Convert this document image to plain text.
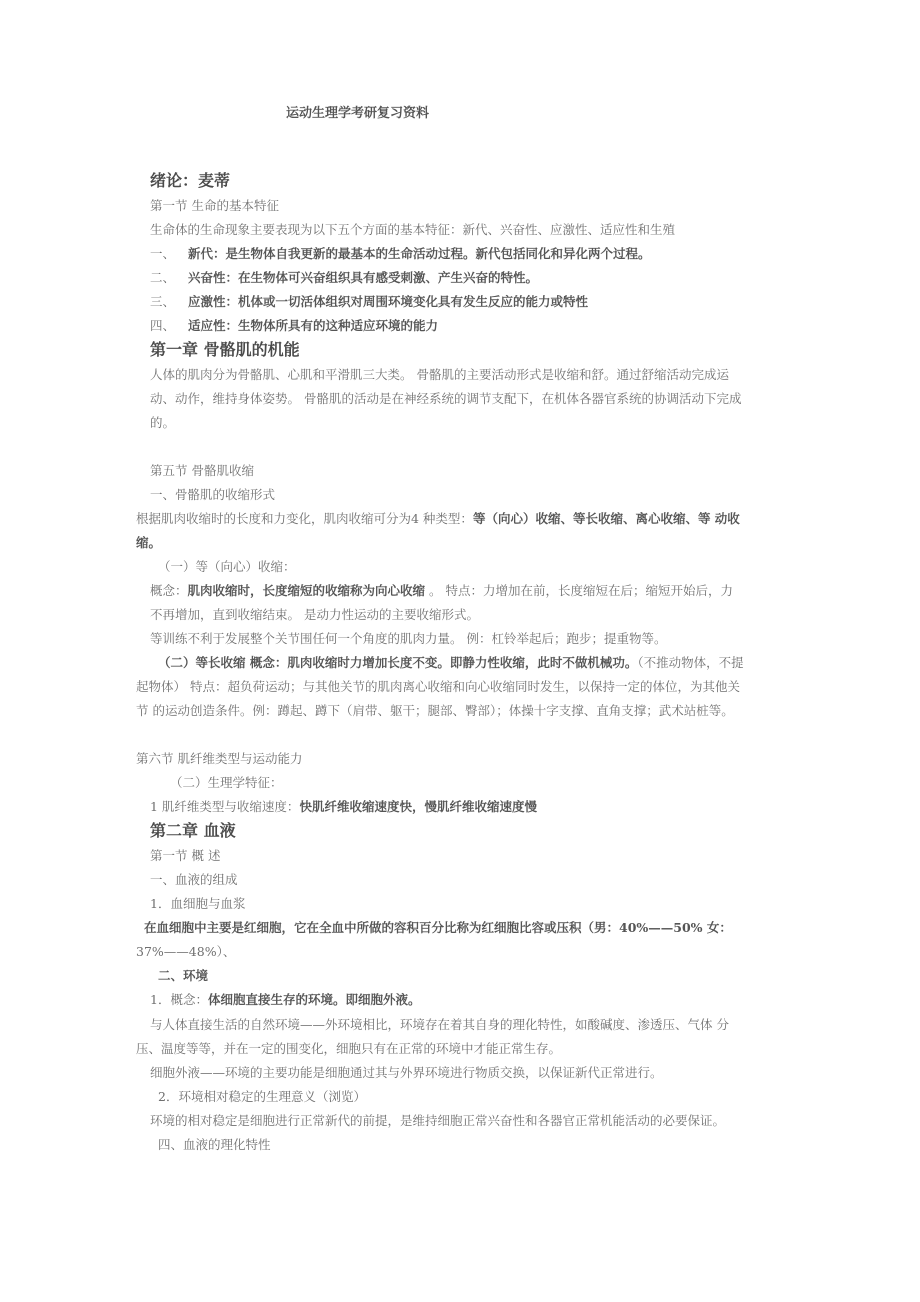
运动生理学考研复习资料
绪论：麦蒂
第一节 生命的基本特征
生命体的生命现象主要表现为以下五个方面的基本特征：新代、兴奋性、应激性、适应性和生殖
一、 新代：是生物体自我更新的最基本的生命活动过程。新代包括同化和异化两个过程。
二、 兴奋性：在生物体可兴奋组织具有感受刺激、产生兴奋的特性。
三、 应激性：机体或一切活体组织对周围环境变化具有发生反应的能力或特性
四、 适应性：生物体所具有的这种适应环境的能力
第一章 骨骼肌的机能
人体的肌肉分为骨骼肌、心肌和平滑肌三大类。 骨骼肌的主要活动形式是收缩和舒。通过舒缩活动完成运
动、动作，维持身体姿势。 骨骼肌的活动是在神经系统的调节支配下，在机体各器官系统的协调活动下完成
的。
第五节 骨骼肌收缩
一、骨骼肌的收缩形式
根据肌肉收缩时的长度和力变化，肌肉收缩可分为4 种类型：等（向心）收缩、等长收缩、离心收缩、等 动收
缩。
（一）等（向心）收缩：
概念：肌肉收缩时，长度缩短的收缩称为向心收缩 。 特点：力增加在前，长度缩短在后；缩短开始后，力
不再增加，直到收缩结束。 是动力性运动的主要收缩形式。
等训练不利于发展整个关节围任何一个角度的肌肉力量。 例：杠铃举起后；跑步；提重物等。
（二）等长收缩 概念：肌肉收缩时力增加长度不变。即静力性收缩，此时不做机械功。（不推动物体，不提
起物体） 特点：超负荷运动；与其他关节的肌肉离心收缩和向心收缩同时发生，以保持一定的体位，为其他关
节 的运动创造条件。例：蹲起、蹲下（肩带、躯干；腿部、臀部）；体操十字支撑、直角支撑；武术站桩等。
第六节 肌纤维类型与运动能力
（二）生理学特征：
1 肌纤维类型与收缩速度：快肌纤维收缩速度快，慢肌纤维收缩速度慢
第二章 血液
第一节 概 述
一、血液的组成
1．血细胞与血浆
在血细胞中主要是红细胞，它在全血中所做的容积百分比称为红细胞比容或压积（男：40%——50% 女：
37%——48%）、
二、环境
1．概念：体细胞直接生存的环境。即细胞外液。
与人体直接生活的自然环境——外环境相比，环境存在着其自身的理化特性，如酸碱度、渗透压、气体 分
压、温度等等，并在一定的围变化，细胞只有在正常的环境中才能正常生存。
细胞外液——环境的主要功能是细胞通过其与外界环境进行物质交换，以保证新代正常进行。
2．环境相对稳定的生理意义（浏览）
环境的相对稳定是细胞进行正常新代的前提，是维持细胞正常兴奋性和各器官正常机能活动的必要保证。
四、血液的理化特性
